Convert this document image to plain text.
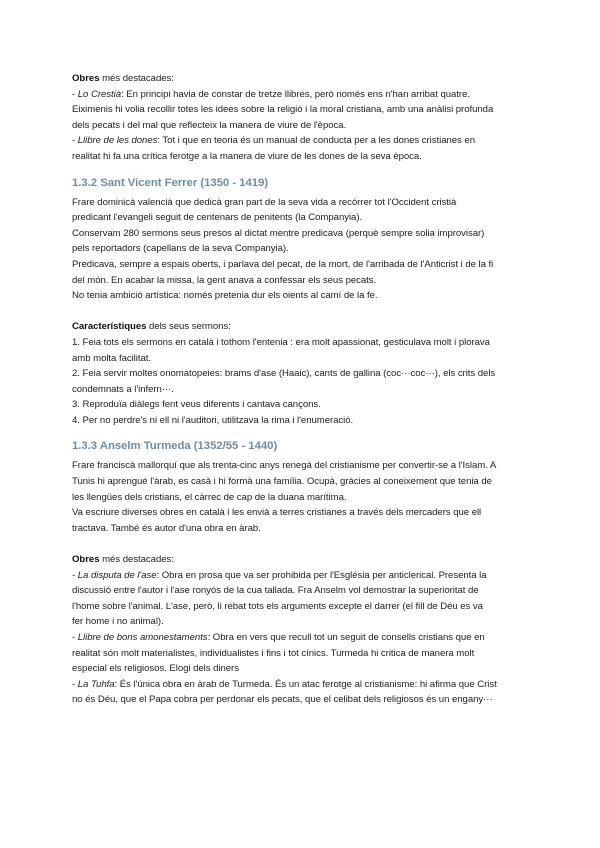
Obres més destacades:

- Lo Crestià: En principi havia de constar de tretze llibres, però només ens n'han arribat quatre.

Eiximenis hi volia recollir totes les idees sobre la religió i la moral cristiana, amb una anàlisi profunda

dels pecats i del mal que reflecteix la manera de viure de l'època.

- Llibre de les dones: Tot i que en teoria és un manual de conducta per a les dones cristianes en

realitat hi fa una crítica ferotge a la manera de viure de les dones de la seva època.

1.3.2 Sant Vicent Ferrer (1350 - 1419)

Frare dominicà valencià que dedicà gran part de la seva vida a recórrer tot l'Occident cristià

predicant l'evangeli seguit de centenars de penitents (la Companyia).

Conservam 280 sermons seus presos al dictat mentre predicava (perquè sempre solia improvisar)

pels reportadors (capellans de la seva Companyia).

Predicava, sempre a espais oberts, i parlava del pecat, de la mort, de l'arribada de l'Anticrist i de la fi

del món. En acabar la missa, la gent anava a confessar els seus pecats.

No tenia ambició artística: només pretenia dur els oients al camí de la fe.

Característiques dels seus sermons:

1. Feia tots els sermons en català i tothom l'entenia : era molt apassionat, gesticulava molt i plorava

amb molta facilitat.

2. Feia servir moltes onomatopeies: brams d'ase (Haaic), cants de gallina (coc···coc···), els crits dels

condemnats a l'infern···.

3. Reproduïa diàlegs fent veus diferents i cantava cançons.

4. Per no perdre's ni ell ni l'auditori, utilitzava la rima i l'enumeració.

1.3.3 Anselm Turmeda (1352/55 - 1440)

Frare franciscà mallorquí que als trenta-cinc anys renegà del cristianisme per convertir-se a l'Islam. A

Tunis hi aprengué l'àrab, es casà i hi formà una família. Ocupà, gràcies al coneixement que tenia de

les llengües dels cristians, el càrrec de cap de la duana marítima.

Va escriure diverses obres en català i les envià a terres cristianes a través dels mercaders que ell

tractava. També és autor d'una obra en àrab.

Obres més destacades:

- La disputa de l'ase: Obra en prosa que va ser prohibida per l'Església per anticlerical. Presenta la

discussió entre l'autor i l'ase ronyós de la cua tallada. Fra Anselm vol demostrar la superioritat de

l'home sobre l'animal. L'ase, però, li rebat tots els arguments excepte el darrer (el fill de Déu es va

fer home i no animal).

- Llibre de bons amonestaments: Obra en vers que recull tot un seguit de consells cristians que en

realitat són molt materialistes, individualistes i fins i tot cínics. Turmeda hi critica de manera molt

especial els religiosos. Elogi dels diners

- La Tuhfa: És l'única obra en àrab de Turmeda. És un atac ferotge al cristianisme: hi afirma que Crist

no és Déu, que el Papa cobra per perdonar els pecats, que el celibat dels religiosos és un engany···
